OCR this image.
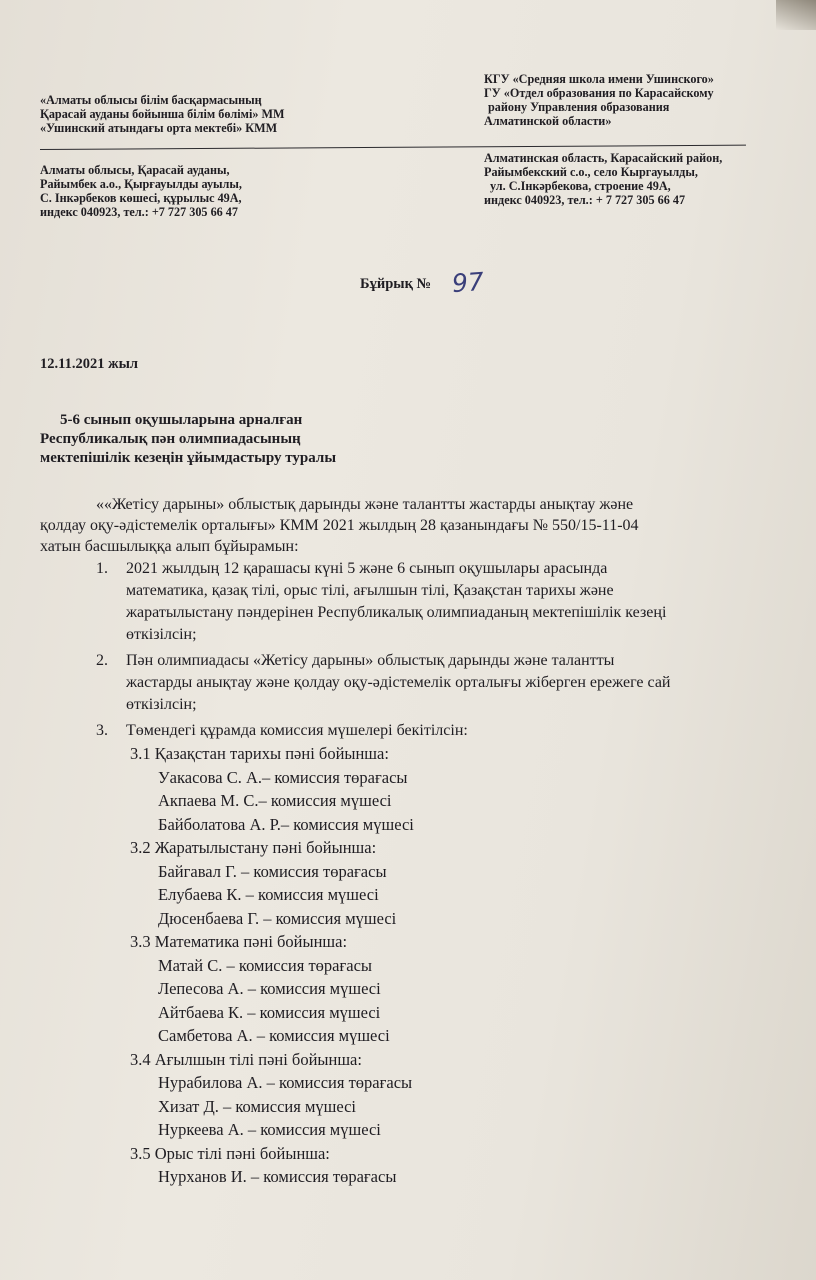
«Алматы облысы білім басқармасының
Қарасай ауданы бойынша білім бөлімі» ММ
«Ушинский атындағы орта мектебі» КММ
КГУ «Средняя школа имени Ушинского»
ГУ «Отдел образования по Карасайскому
району Управления образования
Алматинской области»
Алматы облысы, Қарасай ауданы,
Райымбек а.о., Қырғауылды ауылы,
С. Інкәрбеков көшесі, құрылыс 49А,
индекс 040923, тел.: +7 727 305 66 47
Алматинская область, Карасайский район,
Райымбекский с.о., село Кыргауылды,
ул. С.Інкәрбекова, строение 49А,
индекс 040923, тел.: + 7 727 305 66 47
Бұйрық № 97
12.11.2021 жыл
5-6 сынып оқушыларына арналған
Республикалық пән олимпиадасының
мектепішілік кезеңін ұйымдастыру туралы
««Жетісу дарыны» облыстық дарынды және талантты жастарды анықтау және
қолдау оқу-әдістемелік орталығы» КММ 2021 жылдың 28 қазанындағы № 550/15-11-04
хатын басшылыққа алып бұйырамын:
1. 2021 жылдың 12 қарашасы күні 5 және 6 сынып оқушылары арасында
математика, қазақ тілі, орыс тілі, ағылшын тілі, Қазақстан тарихы және
жаратылыстану пәндерінен Республикалық олимпиаданың мектепішілік кезеңі
өткізілсін;
2. Пән олимпиадасы «Жетісу дарыны» облыстық дарынды және талантты
жастарды анықтау және қолдау оқу-әдістемелік орталығы жіберген ережеге сай
өткізілсін;
3. Төмендегі құрамда комиссия мүшелері бекітілсін:
3.1 Қазақстан тарихы пәні бойынша:
Уакасова С. А.– комиссия төрағасы
Акпаева М. С.– комиссия мүшесі
Байболатова А. Р.– комиссия мүшесі
3.2 Жаратылыстану пәні бойынша:
Байгавал Г. – комиссия төрағасы
Елубаева К. – комиссия мүшесі
Дюсенбаева Г. – комиссия мүшесі
3.3 Математика пәні бойынша:
Матай С. – комиссия төрағасы
Лепесова А. – комиссия мүшесі
Айтбаева К. – комиссия мүшесі
Самбетова А. – комиссия мүшесі
3.4 Ағылшын тілі пәні бойынша:
Нурабилова А. – комиссия төрағасы
Хизат Д. – комиссия мүшесі
Нуркеева А. – комиссия мүшесі
3.5 Орыс тілі пәні бойынша:
Нурханов И. – комиссия төрағасы
